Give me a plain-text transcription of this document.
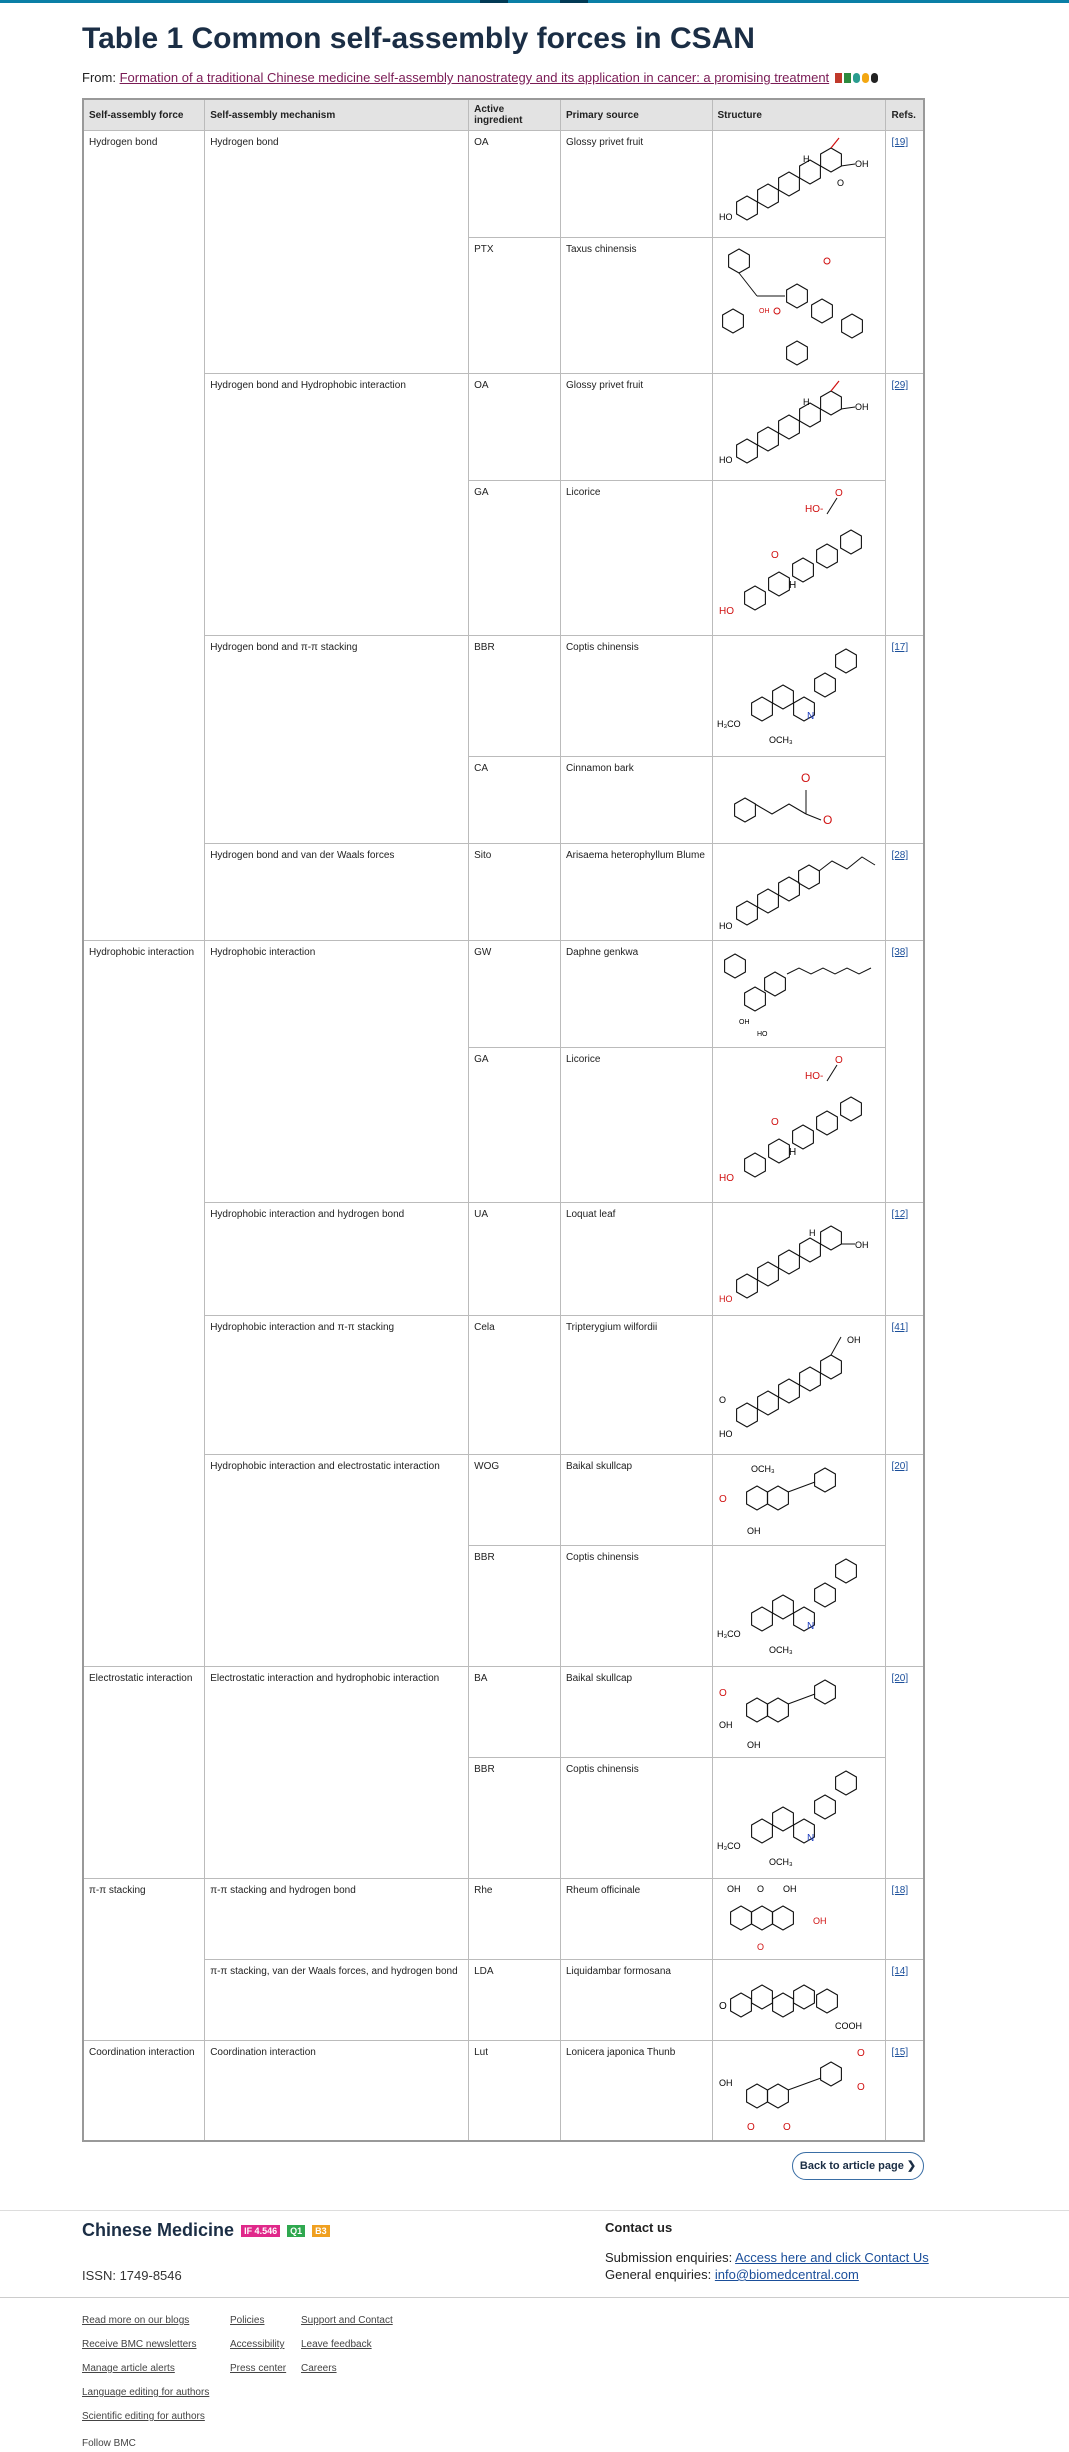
Table 1 Common self-assembly forces in CSAN
From: Formation of a traditional Chinese medicine self-assembly nanostrategy and its application in cancer: a promising treatment
Self-assembly force	Self-assembly mechanism	Active ingredient	Primary source	Structure	Refs.
Hydrogen bond	Hydrogen bond	OA	Glossy privet fruit	OH
HO
H
O	[19]
		PTX	Taxus chinensis	OH	

	Hydrogen bond and Hydrophobic interaction	OA	Glossy privet fruit	OH
HO
H	[29]
		GA	Licorice	HO-
O
O
HO
H	

	Hydrogen bond and π-π stacking	BBR	Coptis chinensis	H₃CO
OCH₃
N	[17]
		CA	Cinnamon bark	O
O	

	Hydrogen bond and van der Waals forces	Sito	Arisaema heterophyllum Blume	HO	[28]
Hydrophobic interaction	Hydrophobic interaction	GW	Daphne genkwa	OH
HO	[38]
		GA	Licorice	HO-
O
O
HO
H	

	Hydrophobic interaction and hydrogen bond	UA	Loquat leaf	OH
HO
H	[12]
	Hydrophobic interaction and π-π stacking	Cela	Tripterygium wilfordii	OH
O
HO	[41]
	Hydrophobic interaction and electrostatic interaction	WOG	Baikal skullcap	OCH₃
O
OH	[20]
		BBR	Coptis chinensis	H₃CO
OCH₃
N	

Electrostatic interaction	Electrostatic interaction and hydrophobic interaction	BA	Baikal skullcap	O
OH
OH	[20]
		BBR	Coptis chinensis	H₃CO
OCH₃
N	

π-π stacking	π-π stacking and hydrogen bond	Rhe	Rheum officinale	OH O OH
O
OH	[18]
	π-π stacking, van der Waals forces, and hydrogen bond	LDA	Liquidambar formosana	O
COOH	[14]
Coordination interaction	Coordination interaction	Lut	Lonicera japonica Thunb	OH
O O
O
O	[15]
Back to article page ❯
Chinese Medicine IF 4.546 Q1 B3
ISSN: 1749-8546
Contact us
Submission enquiries: Access here and click Contact Us
General enquiries: info@biomedcentral.com
Read more on our blogs
Receive BMC newsletters
Manage article alerts
Language editing for authors
Scientific editing for authors
Policies
Accessibility
Press center
Support and Contact
Leave feedback
Careers
Follow BMC
